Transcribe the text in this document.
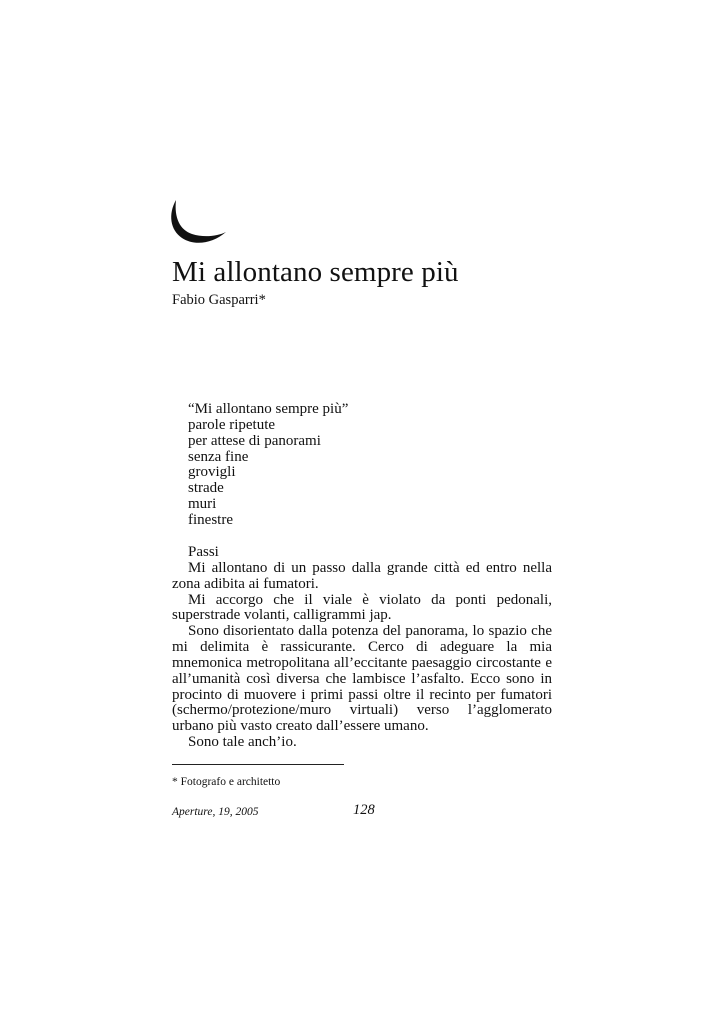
Mi allontano sempre più
Fabio Gasparri*
“Mi allontano sempre più”
parole ripetute
per attese di panorami
senza fine
grovigli
strade
muri
finestre

Passi

Mi allontano di un passo dalla grande città ed entro nella zona adibita ai fumatori.

Mi accorgo che il viale è violato da ponti pedonali, superstrade volanti, calligrammi jap.

Sono disorientato dalla potenza del panorama, lo spazio che mi delimita è rassicurante. Cerco di adeguare la mia mnemonica metropolitana all’eccitante paesaggio circostante e all’umanità così diversa che lambisce l’asfalto. Ecco sono in procinto di muovere i primi passi oltre il recinto per fumatori (schermo/protezione/muro virtuali) verso l’agglomerato urbano più vasto creato dall’essere umano.

Sono tale anch’io.

* Fotografo e architetto
Aperture, 19, 2005	128
